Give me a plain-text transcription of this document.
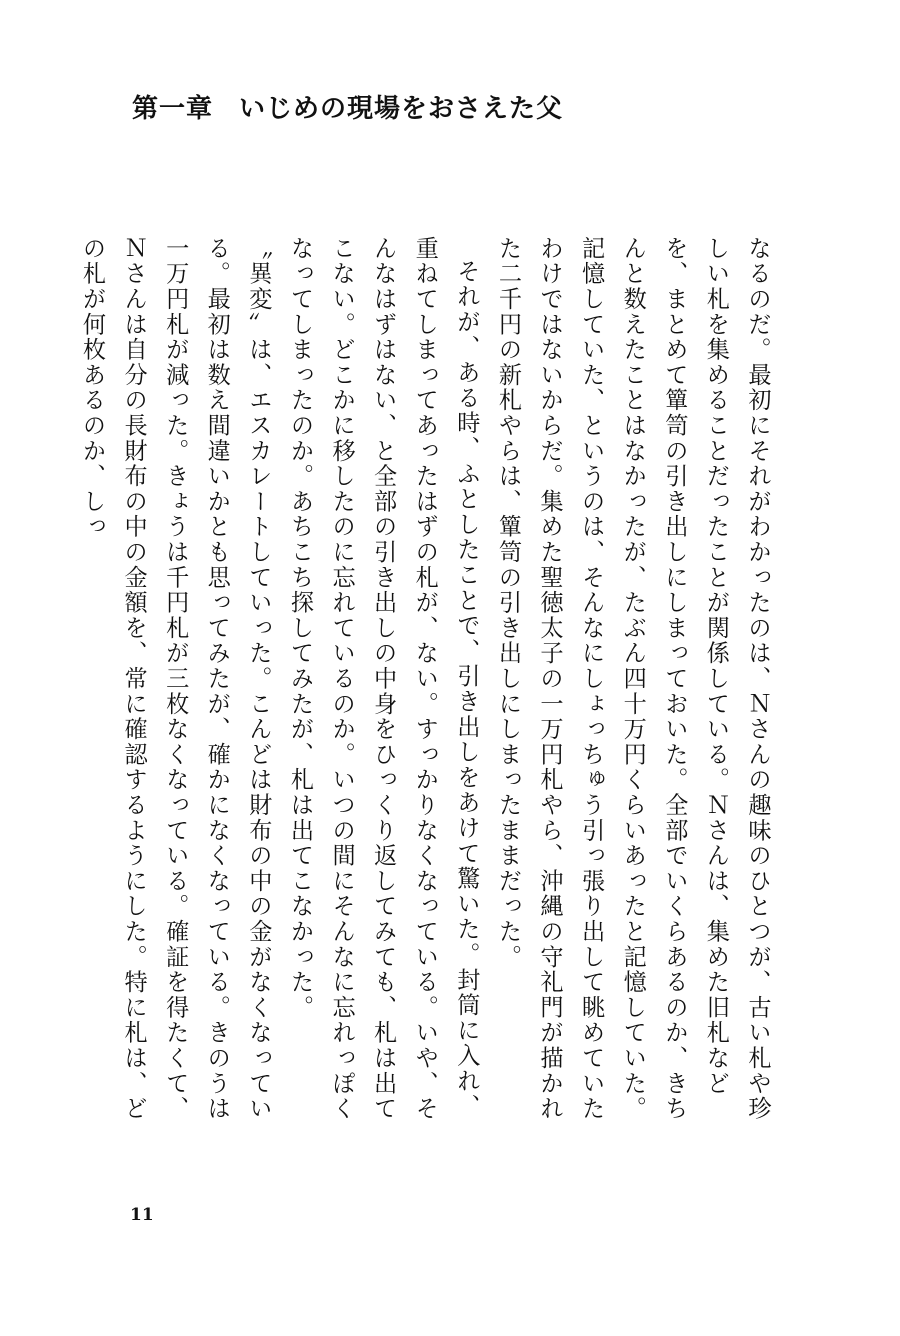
第一章 いじめの現場をおさえた父

なるのだ。最初にそれがわかったのは、Ｎさんの趣味のひとつが、古い札や珍しい札を集めることだったことが関係している。Ｎさんは、集めた旧札などを、まとめて簞笥の引き出しにしまっておいた。全部でいくらあるのか、きちんと数えたことはなかったが、たぶん四十万円くらいあったと記憶していた。記憶していた、というのは、そんなにしょっちゅう引っ張り出して眺めていたわけではないからだ。集めた聖徳太子の一万円札やら、沖縄の守礼門が描かれた二千円の新札やらは、簞笥の引き出しにしまったままだった。

それが、ある時、ふとしたことで、引き出しをあけて驚いた。封筒に入れ、重ねてしまってあったはずの札が、ない。すっかりなくなっている。いや、そんなはずはない、と全部の引き出しの中身をひっくり返してみても、札は出てこない。どこかに移したのに忘れているのか。いつの間にそんなに忘れっぽくなってしまったのか。あちこち探してみたが、札は出てこなかった。

〝異変〟は、エスカレートしていった。こんどは財布の中の金がなくなっている。最初は数え間違いかとも思ってみたが、確かになくなっている。きのうは一万円札が減った。きょうは千円札が三枚なくなっている。確証を得たくて、Ｎさんは自分の長財布の中の金額を、常に確認するようにした。特に札は、どの札が何枚あるのか、しっ

11
